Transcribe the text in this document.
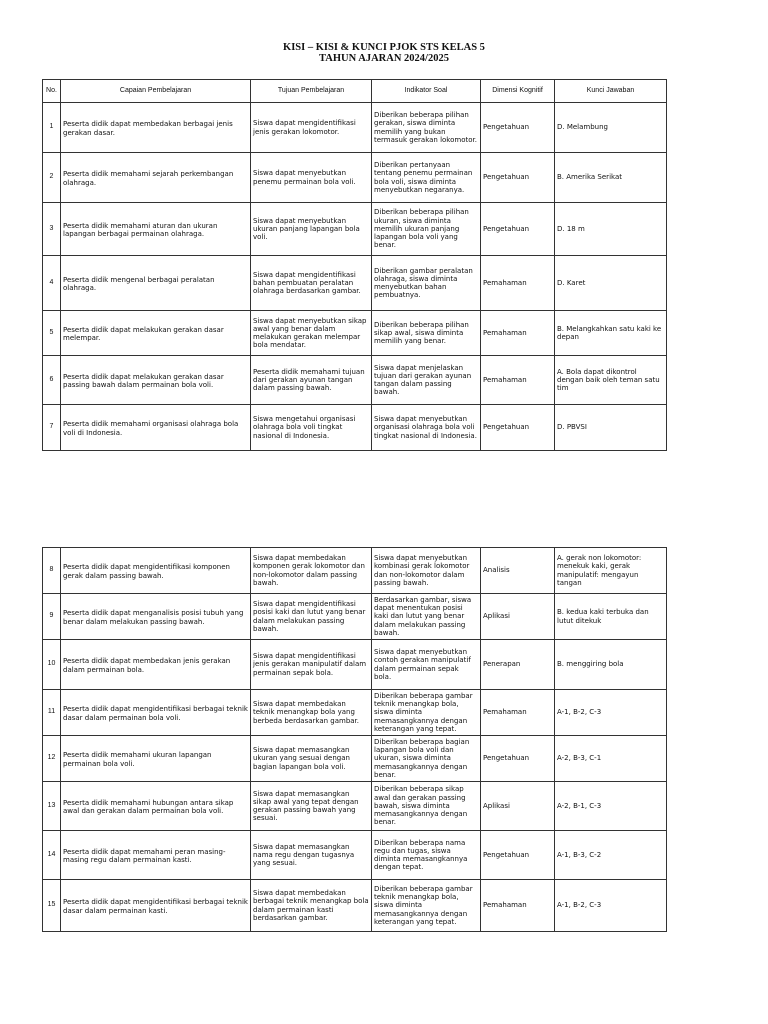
KISI – KISI & KUNCI PJOK STS KELAS 5
TAHUN AJARAN 2024/2025
No.	Capaian Pembelajaran	Tujuan Pembelajaran	Indikator Soal	Dimensi Kognitif	Kunci Jawaban
1	Peserta didik dapat membedakan berbagai jenis gerakan dasar.	Siswa dapat mengidentifikasi jenis gerakan lokomotor.	Diberikan beberapa pilihan gerakan, siswa diminta memilih yang bukan termasuk gerakan lokomotor.	Pengetahuan	D. Melambung
2	Peserta didik memahami sejarah perkembangan olahraga.	Siswa dapat menyebutkan penemu permainan bola voli.	Diberikan pertanyaan tentang penemu permainan bola voli, siswa diminta menyebutkan negaranya.	Pengetahuan	B. Amerika Serikat
3	Peserta didik memahami aturan dan ukuran lapangan berbagai permainan olahraga.	Siswa dapat menyebutkan ukuran panjang lapangan bola voli.	Diberikan beberapa pilihan ukuran, siswa diminta memilih ukuran panjang lapangan bola voli yang benar.	Pengetahuan	D. 18 m
4	Peserta didik mengenal berbagai peralatan olahraga.	Siswa dapat mengidentifikasi bahan pembuatan peralatan olahraga berdasarkan gambar.	Diberikan gambar peralatan olahraga, siswa diminta menyebutkan bahan pembuatnya.	Pemahaman	D. Karet
5	Peserta didik dapat melakukan gerakan dasar melempar.	Siswa dapat menyebutkan sikap awal yang benar dalam melakukan gerakan melempar bola mendatar.	Diberikan beberapa pilihan sikap awal, siswa diminta memilih yang benar.	Pemahaman	B. Melangkahkan satu kaki ke depan
6	Peserta didik dapat melakukan gerakan dasar passing bawah dalam permainan bola voli.	Peserta didik memahami tujuan dari gerakan ayunan tangan dalam passing bawah.	Siswa dapat menjelaskan tujuan dari gerakan ayunan tangan dalam passing bawah.	Pemahaman	A. Bola dapat dikontrol dengan baik oleh teman satu tim
7	Peserta didik memahami organisasi olahraga bola voli di Indonesia.	Siswa mengetahui organisasi olahraga bola voli tingkat nasional di Indonesia.	Siswa dapat menyebutkan organisasi olahraga bola voli tingkat nasional di Indonesia.	Pengetahuan	D. PBVSI
8	Peserta didik dapat mengidentifikasi komponen gerak dalam passing bawah.	Siswa dapat membedakan komponen gerak lokomotor dan non-lokomotor dalam passing bawah.	Siswa dapat menyebutkan kombinasi gerak lokomotor dan non-lokomotor dalam passing bawah.	Analisis	A. gerak non lokomotor: menekuk kaki, gerak manipulatif: mengayun tangan
9	Peserta didik dapat menganalisis posisi tubuh yang benar dalam melakukan passing bawah.	Siswa dapat mengidentifikasi posisi kaki dan lutut yang benar dalam melakukan passing bawah.	Berdasarkan gambar, siswa dapat menentukan posisi kaki dan lutut yang benar dalam melakukan passing bawah.	Aplikasi	B. kedua kaki terbuka dan lutut ditekuk
10	Peserta didik dapat membedakan jenis gerakan dalam permainan bola.	Siswa dapat mengidentifikasi jenis gerakan manipulatif dalam permainan sepak bola.	Siswa dapat menyebutkan contoh gerakan manipulatif dalam permainan sepak bola.	Penerapan	B. menggiring bola
11	Peserta didik dapat mengidentifikasi berbagai teknik dasar dalam permainan bola voli.	Siswa dapat membedakan teknik menangkap bola yang berbeda berdasarkan gambar.	Diberikan beberapa gambar teknik menangkap bola, siswa diminta memasangkannya dengan keterangan yang tepat.	Pemahaman	A-1, B-2, C-3
12	Peserta didik memahami ukuran lapangan permainan bola voli.	Siswa dapat memasangkan ukuran yang sesuai dengan bagian lapangan bola voli.	Diberikan beberapa bagian lapangan bola voli dan ukuran, siswa diminta memasangkannya dengan benar.	Pengetahuan	A-2, B-3, C-1
13	Peserta didik memahami hubungan antara sikap awal dan gerakan dalam permainan bola voli.	Siswa dapat memasangkan sikap awal yang tepat dengan gerakan passing bawah yang sesuai.	Diberikan beberapa sikap awal dan gerakan passing bawah, siswa diminta memasangkannya dengan benar.	Aplikasi	A-2, B-1, C-3
14	Peserta didik dapat memahami peran masing-masing regu dalam permainan kasti.	Siswa dapat memasangkan nama regu dengan tugasnya yang sesuai.	Diberikan beberapa nama regu dan tugas, siswa diminta memasangkannya dengan tepat.	Pengetahuan	A-1, B-3, C-2
15	Peserta didik dapat mengidentifikasi berbagai teknik dasar dalam permainan kasti.	Siswa dapat membedakan berbagai teknik menangkap bola dalam permainan kasti berdasarkan gambar.	Diberikan beberapa gambar teknik menangkap bola, siswa diminta memasangkannya dengan keterangan yang tepat.	Pemahaman	A-1, B-2, C-3
